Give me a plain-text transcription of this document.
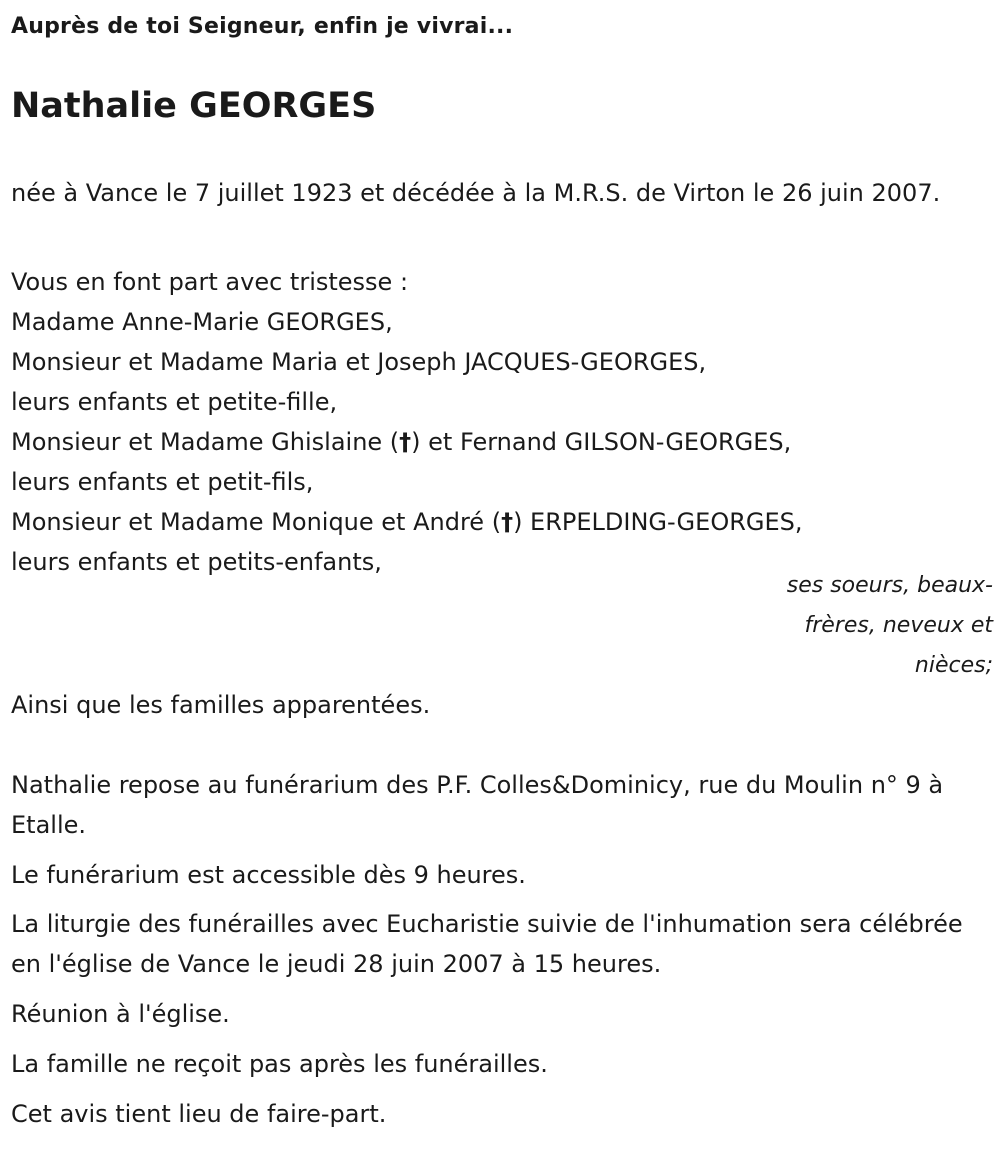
Auprès de toi Seigneur, enfin je vivrai...

Nathalie GEORGES

née à Vance le 7 juillet 1923 et décédée à la M.R.S. de Virton le 26 juin 2007.

Vous en font part avec tristesse :
Madame Anne-Marie GEORGES,
Monsieur et Madame Maria et Joseph JACQUES-GEORGES,
leurs enfants et petite-fille,
Monsieur et Madame Ghislaine (†) et Fernand GILSON-GEORGES,
leurs enfants et petit-fils,
Monsieur et Madame Monique et André (†) ERPELDING-GEORGES,
leurs enfants et petits-enfants,
ses soeurs, beaux-
frères, neveux et
nièces;

Ainsi que les familles apparentées.

Nathalie repose au funérarium des P.F. Colles&Dominicy, rue du Moulin n° 9 à Etalle.

Le funérarium est accessible dès 9 heures.

La liturgie des funérailles avec Eucharistie suivie de l'inhumation sera célébrée en l'église de Vance le jeudi 28 juin 2007 à 15 heures.

Réunion à l'église.

La famille ne reçoit pas après les funérailles.

Cet avis tient lieu de faire-part.
